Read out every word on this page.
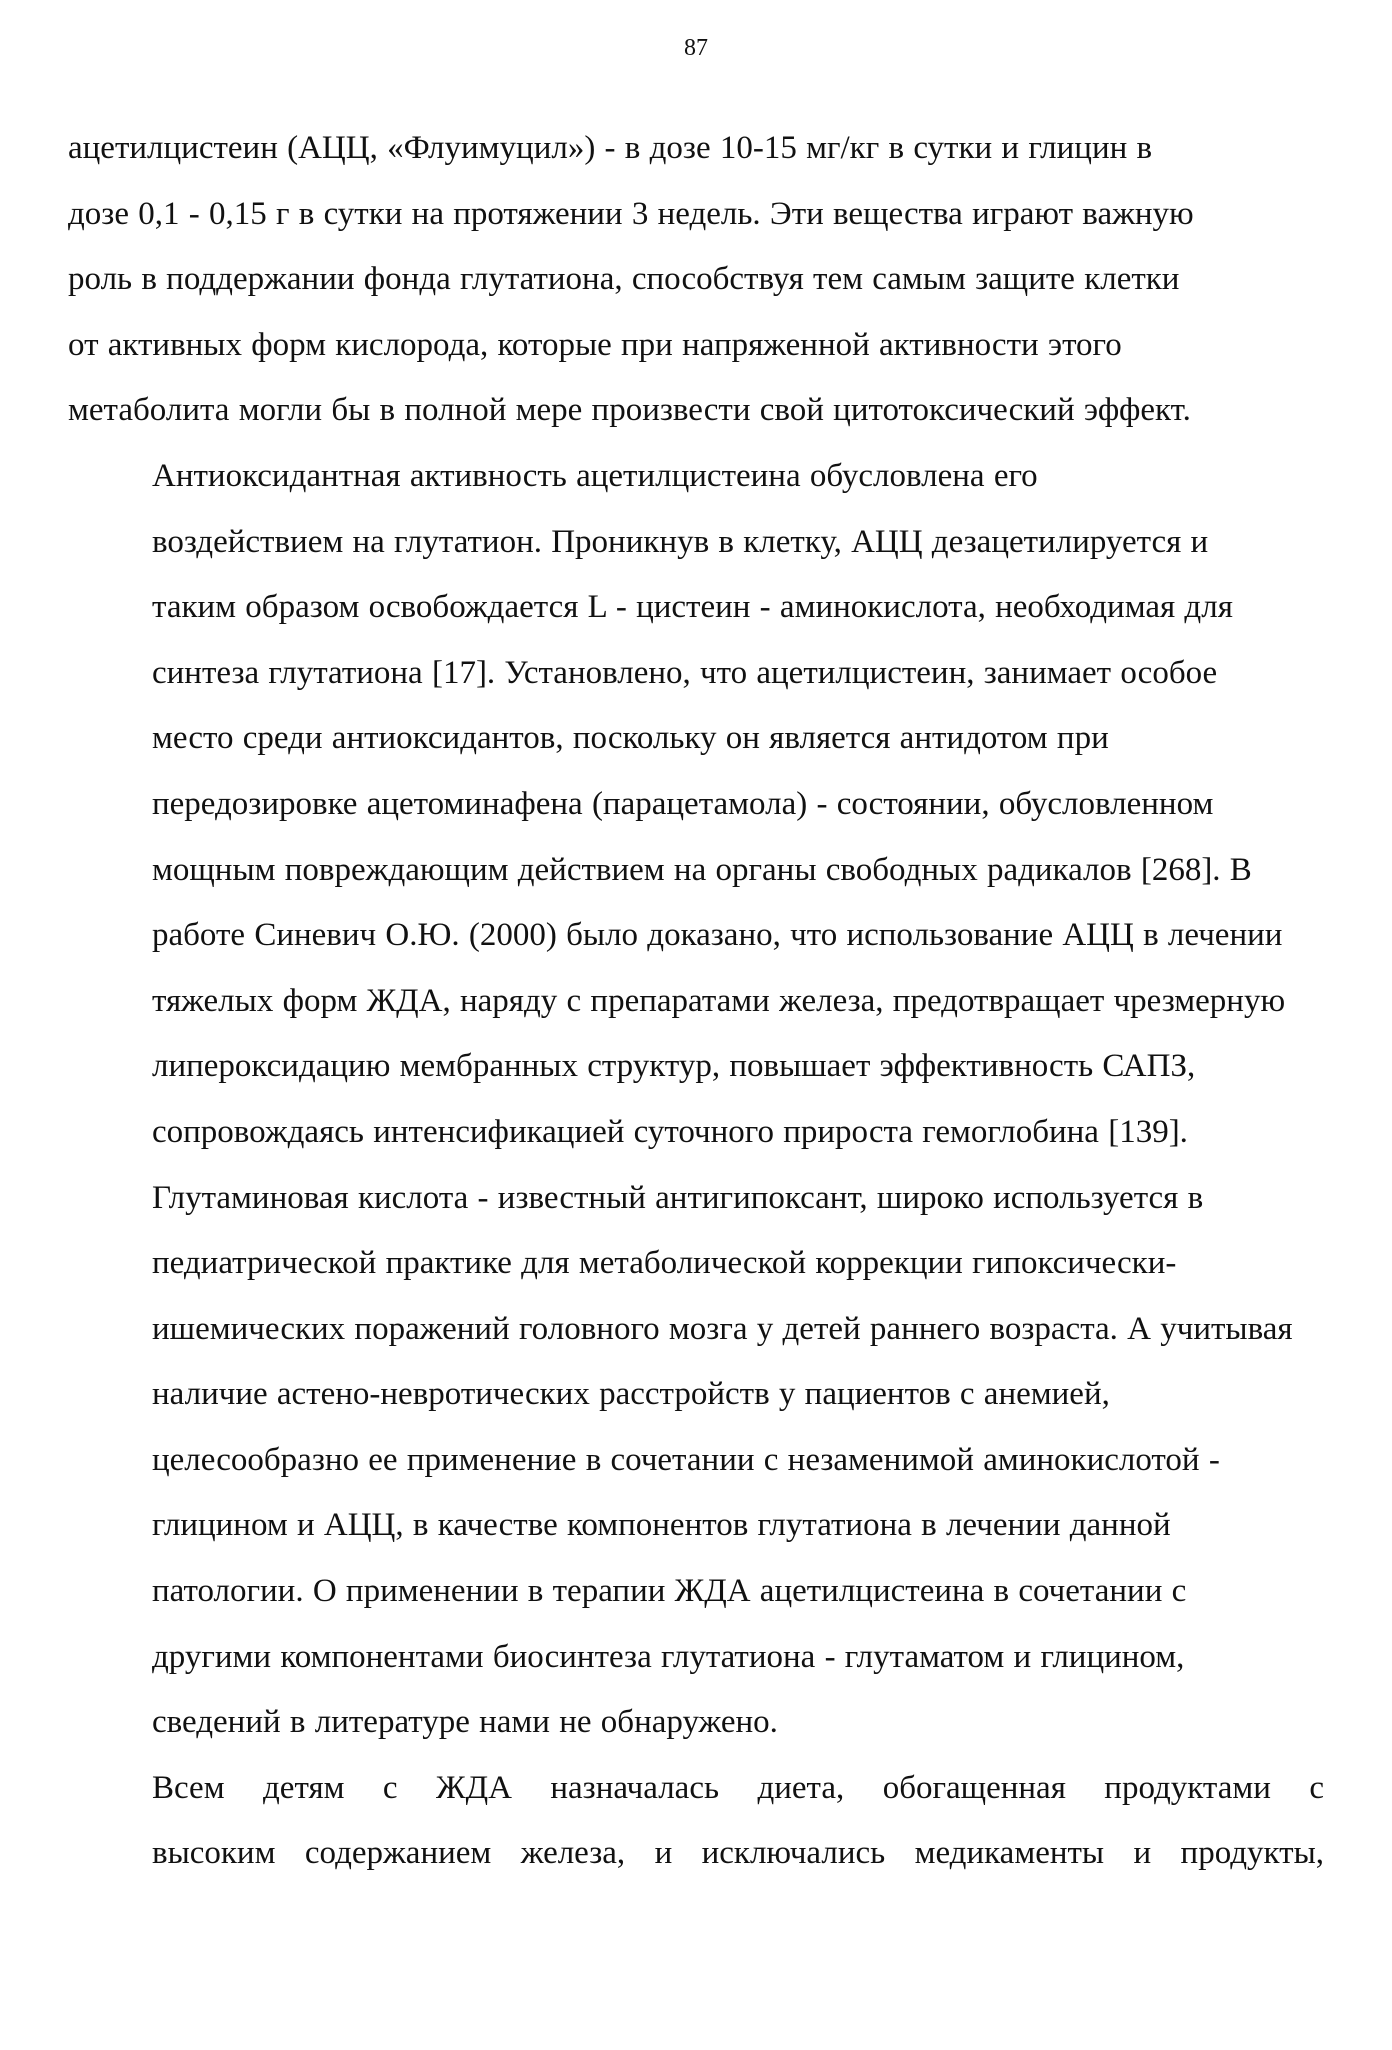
87

ацетилцистеин (АЦЦ, «Флуимуцил») - в дозе 10-15 мг/кг в сутки и глицин в
дозе 0,1 - 0,15 г в сутки на протяжении 3 недель. Эти вещества играют важную
роль в поддержании фонда глутатиона, способствуя тем самым защите клетки
от активных форм кислорода, которые при напряженной активности этого
метаболита могли бы в полной мере произвести свой цитотоксический эффект.

Антиоксидантная активность ацетилцистеина обусловлена его
воздействием на глутатион. Проникнув в клетку, АЦЦ дезацетилируется и
таким образом освобождается L - цистеин - аминокислота, необходимая для
синтеза глутатиона [17]. Установлено, что ацетилцистеин, занимает особое
место среди антиоксидантов, поскольку он является антидотом при
передозировке ацетоминафена (парацетамола) - состоянии, обусловленном
мощным повреждающим действием на органы свободных радикалов [268]. В
работе Синевич О.Ю. (2000) было доказано, что использование АЦЦ в лечении
тяжелых форм ЖДА, наряду с препаратами железа, предотвращает чрезмерную
липероксидацию мембранных структур, повышает эффективность САПЗ,
сопровождаясь интенсификацией суточного прироста гемоглобина [139].

Глутаминовая кислота - известный антигипоксант, широко используется в
педиатрической практике для метаболической коррекции гипоксически-
ишемических поражений головного мозга у детей раннего возраста. А учитывая
наличие астено-невротических расстройств у пациентов с анемией,
целесообразно ее применение в сочетании с незаменимой аминокислотой -
глицином и АЦЦ, в качестве компонентов глутатиона в лечении данной
патологии. О применении в терапии ЖДА ацетилцистеина в сочетании с
другими компонентами биосинтеза глутатиона - глутаматом и глицином,
сведений в литературе нами не обнаружено.

Всем детям с ЖДА назначалась диета, обогащенная продуктами с
высоким содержанием железа, и исключались медикаменты и продукты,
